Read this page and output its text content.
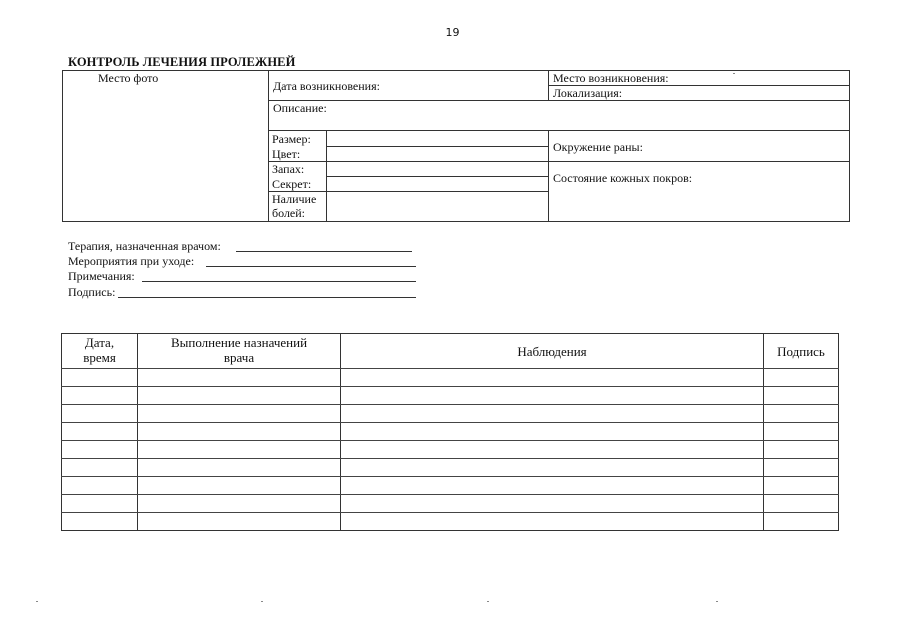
19
КОНТРОЛЬ ЛЕЧЕНИЯ ПРОЛЕЖНЕЙ
Место фото
Дата возникновения:
Место возникновения:
Локализация:
Описание:
Размер:
Цвет:
Запах:
Секрет:
Наличие
болей:
Окружение раны:
Состояние кожных покров:
Терапия, назначенная врачом:
Мероприятия при уходе:
Примечания:
Подпись:
Дата,
время
Выполнение назначений
врача	Наблюдения	Подпись
